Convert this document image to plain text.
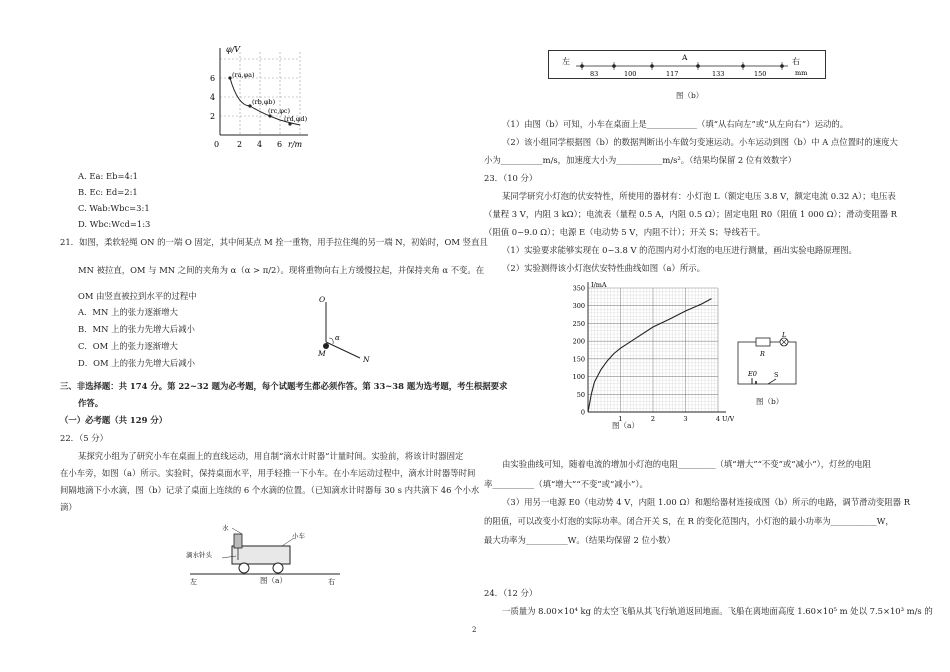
φ/V
r/m
6
4
2
0 2 4 6
(ra,φa)
(rb,φb)
(rc,φc)
(rd,φd)
A. Ea: Eb=4:1
B. Ec: Ed=2:1
C. Wab:Wbc=3:1
D. Wbc:Wcd=1:3
21．如图，柔软轻绳 ON 的一端 O 固定，其中间某点 M 拴一重物，用手拉住绳的另一端 N，初始时，OM 竖直且
MN 被拉直，OM 与 MN 之间的夹角为 α（α > π/2）。现将重物向右上方缓慢拉起，并保持夹角 α 不变。在
OM 由竖直被拉到水平的过程中
A．MN 上的张力逐渐增大
B．MN 上的张力先增大后减小
C．OM 上的张力逐渐增大
D．OM 上的张力先增大后减小
O
M
N
α
三、非选择题：共 174 分。第 22~32 题为必考题，每个试题考生都必须作答。第 33~38 题为选考题，考生根据要求
作答。
（一）必考题（共 129 分）
22．（5 分）
某探究小组为了研究小车在桌面上的直线运动，用自制“滴水计时器”计量时间。实验前，将该计时器固定
在小车旁，如图（a）所示。实验时，保持桌面水平，用手轻推一下小车。在小车运动过程中，滴水计时器等时间
间隔地滴下小水滴，图（b）记录了桌面上连续的 6 个水滴的位置。（已知滴水计时器每 30 s 内共滴下 46 个小水
滴）
水
小车
滴水针头
左	右
图（a）
左	右
mm
A
83	100	117	133	150
图（b）
（1）由图（b）可知，小车在桌面上是____________（填“从右向左”或“从左向右”）运动的。
（2）该小组同学根据图（b）的数据判断出小车做匀变速运动。小车运动到图（b）中 A 点位置时的速度大
小为__________m/s，加速度大小为___________m/s²。（结果均保留 2 位有效数字）
23．（10 分）
某同学研究小灯泡的伏安特性，所使用的器材有：小灯泡 L（额定电压 3.8 V，额定电流 0.32 A）；电压表
（量程 3 V，内阻 3 kΩ）；电流表（量程 0.5 A，内阻 0.5 Ω）；固定电阻 R0（阻值 1 000 Ω）；滑动变阻器 R
（阻值 0~9.0 Ω）；电源 E（电动势 5 V，内阻不计）；开关 S；导线若干。
（1）实验要求能够实现在 0~3.8 V 的范围内对小灯泡的电压进行测量，画出实验电路原理图。
（2）实验测得该小灯泡伏安特性曲线如图（a）所示。
350
300
250
200
150
100
50
0
1	2	3	4
I/mA
U/V
图（a）
L
R
E0	S
图（b）
由实验曲线可知，随着电流的增加小灯泡的电阻_________（填“增大”“不变”或“减小”），灯丝的电阻
率__________（填“增大”“不变”或“减小”）。
（3）用另一电源 E0（电动势 4 V，内阻 1.00 Ω）和题给器材连接成图（b）所示的电路，调节滑动变阻器 R
的阻值，可以改变小灯泡的实际功率。闭合开关 S，在 R 的变化范围内，小灯泡的最小功率为___________W，
最大功率为__________W。（结果均保留 2 位小数）
24．（12 分）
一质量为 8.00×10⁴ kg 的太空飞船从其飞行轨道返回地面。飞船在离地面高度 1.60×10⁵ m 处以 7.5×10³ m/s 的
2
